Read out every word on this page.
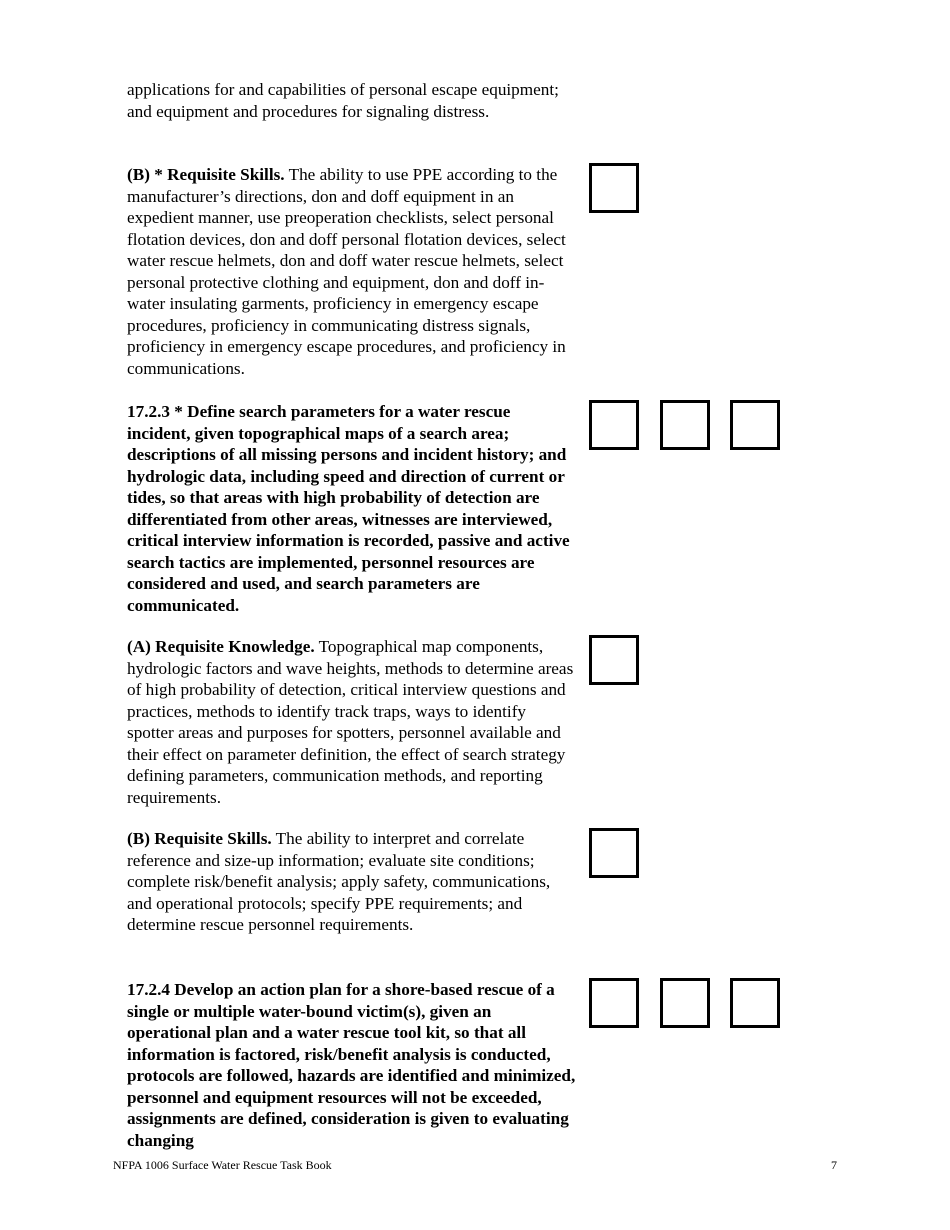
applications for and capabilities of personal escape equipment; and equipment and procedures for signaling distress.

(B) * Requisite Skills. The ability to use PPE according to the manufacturer’s directions, don and doff equipment in an expedient manner, use preoperation checklists, select personal flotation devices, don and doff personal flotation devices, select water rescue helmets, don and doff water rescue helmets, select personal protective clothing and equipment, don and doff in-water insulating garments, proficiency in emergency escape procedures, proficiency in communicating distress signals, proficiency in emergency escape procedures, and proficiency in communications.

17.2.3 * Define search parameters for a water rescue incident, given topographical maps of a search area; descriptions of all missing persons and incident history; and hydrologic data, including speed and direction of current or tides, so that areas with high probability of detection are differentiated from other areas, witnesses are interviewed, critical interview information is recorded, passive and active search tactics are implemented, personnel resources are considered and used, and search parameters are communicated.

(A) Requisite Knowledge. Topographical map components, hydrologic factors and wave heights, methods to determine areas of high probability of detection, critical interview questions and practices, methods to identify track traps, ways to identify spotter areas and purposes for spotters, personnel available and their effect on parameter definition, the effect of search strategy defining parameters, communication methods, and reporting requirements.

(B) Requisite Skills. The ability to interpret and correlate reference and size-up information; evaluate site conditions; complete risk/benefit analysis; apply safety, communications, and operational protocols; specify PPE requirements; and determine rescue personnel requirements.

17.2.4 Develop an action plan for a shore-based rescue of a single or multiple water-bound victim(s), given an operational plan and a water rescue tool kit, so that all information is factored, risk/benefit analysis is conducted, protocols are followed, hazards are identified and minimized, personnel and equipment resources will not be exceeded, assignments are defined, consideration is given to evaluating changing

NFPA 1006 Surface Water Rescue Task Book	7
